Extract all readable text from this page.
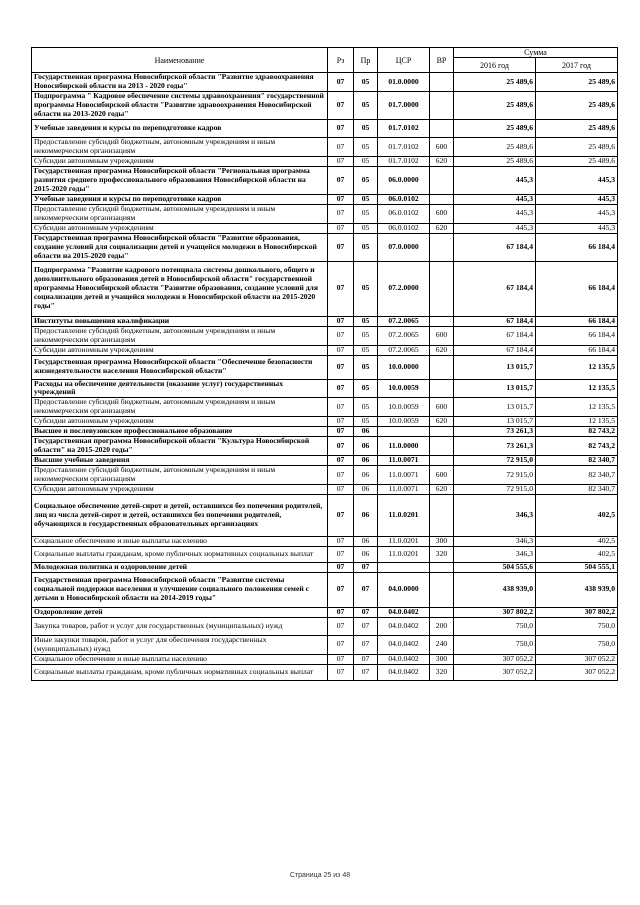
Наименование	Рз	Пр	ЦСР	ВР	Сумма	
					2016 год	2017 год
Государственная программа Новосибирской области "Развитие здравоохранения Новосибирской области на 2013 - 2020 годы"	07	05	01.0.0000		25 489,6	25 489,6
Подпрограмма " Кадровое обеспечение системы здравоохранения" государственной программы Новосибирской области "Развитие здравоохранения Новосибирской области на 2013-2020 годы"	07	05	01.7.0000		25 489,6	25 489,6
Учебные заведения и курсы по переподготовке кадров	07	05	01.7.0102		25 489,6	25 489,6
Предоставление субсидий бюджетным, автономным учреждениям и иным некоммерческим организациям	07	05	01.7.0102	600	25 489,6	25 489,6
Субсидии автономным учреждениям	07	05	01.7.0102	620	25 489,6	25 489,6
Государственная программа Новосибирской области "Региональная программа развития среднего профессионального образования Новосибирской области на 2015-2020 годы"	07	05	06.0.0000		445,3	445,3
Учебные заведения и курсы по переподготовке кадров	07	05	06.0.0102		445,3	445,3
Предоставление субсидий бюджетным, автономным учреждениям и иным некоммерческим организациям	07	05	06.0.0102	600	445,3	445,3
Субсидии автономным учреждениям	07	05	06.0.0102	620	445,3	445,3
Государственная программа Новосибирской области "Развитие образования, создание условий для социализации детей и учащейся молодежи в Новосибирской области на 2015-2020 годы"	07	05	07.0.0000		67 184,4	66 184,4
Подпрограмма "Развитие кадрового потенциала системы дошкольного, общего и дополнительного образования детей в Новосибирской области" государственной программы Новосибирской области "Развитие образования, создание условий для социализации детей и учащейся молодежи в Новосибирской области на 2015-2020 годы"	07	05	07.2.0000		67 184,4	66 184,4
Институты повышения квалификации	07	05	07.2.0065		67 184,4	66 184,4
Предоставление субсидий бюджетным, автономным учреждениям и иным некоммерческим организациям	07	05	07.2.0065	600	67 184,4	66 184,4
Субсидии автономным учреждениям	07	05	07.2.0065	620	67 184,4	66 184,4
Государственная программа Новосибирской области "Обеспечение безопасности жизнедеятельности населения Новосибирской области"	07	05	10.0.0000		13 015,7	12 135,5
Расходы на обеспечение деятельности (оказание услуг) государственных учреждений	07	05	10.0.0059		13 015,7	12 135,5
Предоставление субсидий бюджетным, автономным учреждениям и иным некоммерческим организациям	07	05	10.0.0059	600	13 015,7	12 135,5
Субсидии автономным учреждениям	07	05	10.0.0059	620	13 015,7	12 135,5
Высшее и послевузовское профессиональное образование	07	06			73 261,3	82 743,2
Государственная программа Новосибирской области "Культура Новосибирской области" на 2015-2020 годы"	07	06	11.0.0000		73 261,3	82 743,2
Высшие учебные заведения	07	06	11.0.0071		72 915,0	82 340,7
Предоставление субсидий бюджетным, автономным учреждениям и иным некоммерческим организациям	07	06	11.0.0071	600	72 915,0	82 340,7
Субсидии автономным учреждениям	07	06	11.0.0071	620	72 915,0	82 340,7
Социальное обеспечение детей-сирот и детей, оставшихся без попечения родителей, лиц из числа детей-сирот и детей, оставшихся без попечения родителей, обучающихся в государственных образовательных организациях	07	06	11.0.0201		346,3	402,5
Социальное обеспечение и иные выплаты населению	07	06	11.0.0201	300	346,3	402,5
Социальные выплаты гражданам, кроме публичных нормативных социальных выплат	07	06	11.0.0201	320	346,3	402,5
Молодежная политика и оздоровление детей	07	07			504 555,6	504 555,1
Государственная программа Новосибирской области "Развитие системы социальной поддержки населения и улучшение социального положения семей с детьми в Новосибирской области на 2014-2019 годы"	07	07	04.0.0000		438 939,0	438 939,0
Оздоровление детей	07	07	04.0.0402		307 802,2	307 802,2
Закупка товаров, работ и услуг для государственных (муниципальных) нужд	07	07	04.0.0402	200	750,0	750,0
Иные закупки товаров, работ и услуг для обеспечения государственных (муниципальных) нужд	07	07	04.0.0402	240	750,0	750,0
Социальное обеспечение и иные выплаты населению	07	07	04.0.0402	300	307 052,2	307 052,2
Социальные выплаты гражданам, кроме публичных нормативных социальных выплат	07	07	04.0.0402	320	307 052,2	307 052,2
Страница 25 из 48
